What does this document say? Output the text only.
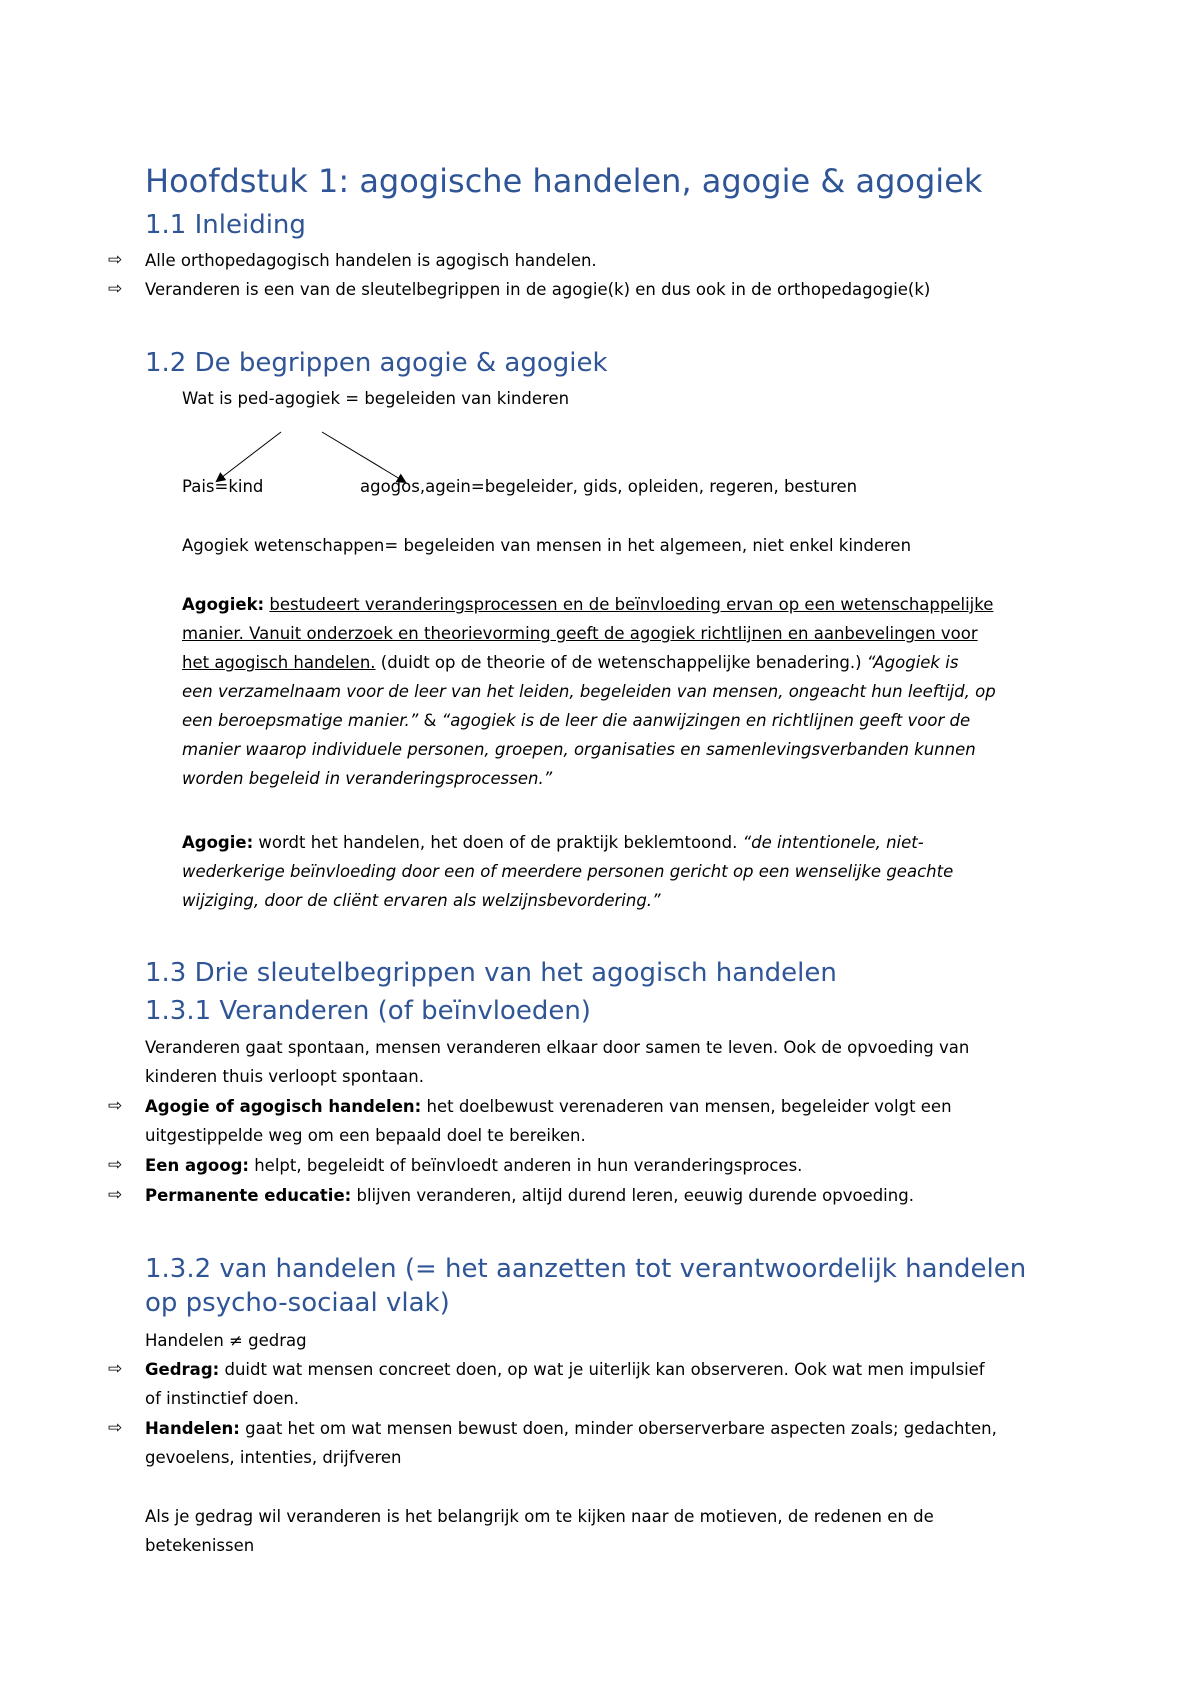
Hoofdstuk 1: agogische handelen, agogie & agogiek
1.1 Inleiding
⇨ Alle orthopedagogisch handelen is agogisch handelen.
⇨ Veranderen is een van de sleutelbegrippen in de agogie(k) en dus ook in de orthopedagogie(k)
1.2 De begrippen agogie & agogiek
Wat is ped-agogiek = begeleiden van kinderen
Pais=kind	agogos,agein=begeleider, gids, opleiden, regeren, besturen
Agogiek wetenschappen= begeleiden van mensen in het algemeen, niet enkel kinderen
Agogiek: bestudeert veranderingsprocessen en de beïnvloeding ervan op een wetenschappelijke
manier. Vanuit onderzoek en theorievorming geeft de agogiek richtlijnen en aanbevelingen voor
het agogisch handelen. (duidt op de theorie of de wetenschappelijke benadering.) “Agogiek is
een verzamelnaam voor de leer van het leiden, begeleiden van mensen, ongeacht hun leeftijd, op
een beroepsmatige manier.” & “agogiek is de leer die aanwijzingen en richtlijnen geeft voor de
manier waarop individuele personen, groepen, organisaties en samenlevingsverbanden kunnen
worden begeleid in veranderingsprocessen.”
Agogie: wordt het handelen, het doen of de praktijk beklemtoond. “de intentionele, niet-
wederkerige beïnvloeding door een of meerdere personen gericht op een wenselijke geachte
wijziging, door de cliënt ervaren als welzijnsbevordering.”
1.3 Drie sleutelbegrippen van het agogisch handelen
1.3.1 Veranderen (of beïnvloeden)
Veranderen gaat spontaan, mensen veranderen elkaar door samen te leven. Ook de opvoeding van
kinderen thuis verloopt spontaan.
⇨ Agogie of agogisch handelen: het doelbewust verenaderen van mensen, begeleider volgt een
uitgestippelde weg om een bepaald doel te bereiken.
⇨ Een agoog: helpt, begeleidt of beïnvloedt anderen in hun veranderingsproces.
⇨ Permanente educatie: blijven veranderen, altijd durend leren, eeuwig durende opvoeding.
1.3.2 van handelen (= het aanzetten tot verantwoordelijk handelen
op psycho-sociaal vlak)
Handelen ≠ gedrag
⇨ Gedrag: duidt wat mensen concreet doen, op wat je uiterlijk kan observeren. Ook wat men impulsief
of instinctief doen.
⇨ Handelen: gaat het om wat mensen bewust doen, minder oberserverbare aspecten zoals; gedachten,
gevoelens, intenties, drijfveren
Als je gedrag wil veranderen is het belangrijk om te kijken naar de motieven, de redenen en de
betekenissen
